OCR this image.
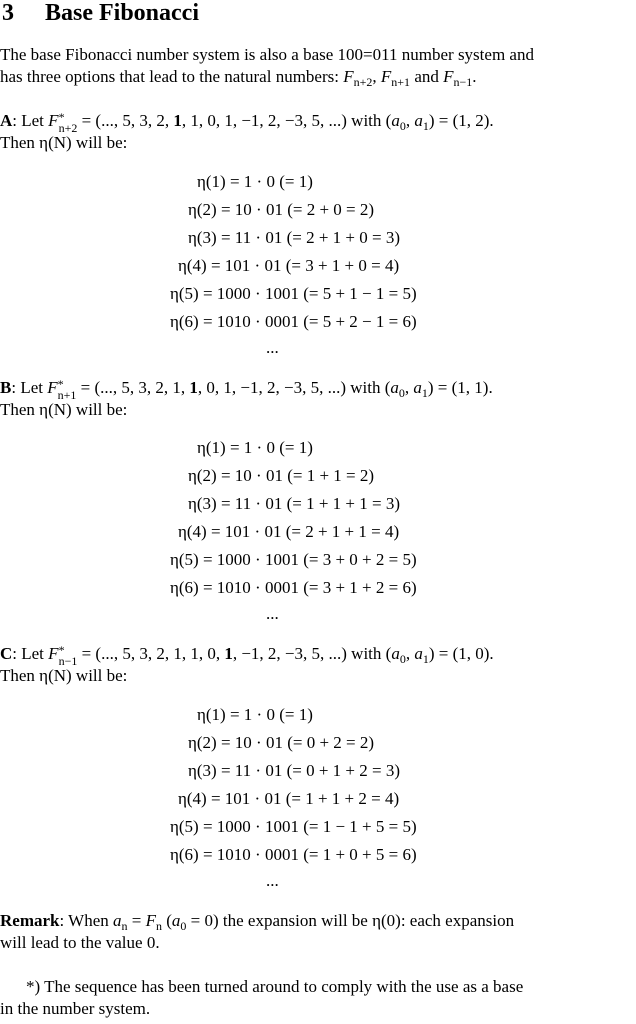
3 Base Fibonacci
The base Fibonacci number system is also a base 100=011 number system and
has three options that lead to the natural numbers: $F_{n+2}$, $F_{n+1}$ and $F_{n-1}$.
A: Let F *
n+2 = (..., 5, 3, 2, 1, 1, 0, 1, −1, 2, −3, 5, ...) with ($a_0$, $a_1) = (1$, 2).
Then η(N) will be:
η(1) = 1 · 0 (= 1)
η(2) = 10 · 01 (= 2 + 0 = 2)
η(3) = 11 · 01 (= 2 + 1 + 0 = 3)
η(4) = 101 · 01 (= 3 + 1 + 0 = 4)
η(5) = 1000 · 1001 (= 5 + 1 − 1 = 5)
η(6) = 1010 · 0001 (= 5 + 2 − 1 = 6)
...
B: Let F *
n+1 = (..., 5, 3, 2, 1, 1, 0, 1, −1, 2, −3, 5, ...) with ($a_0$, $a_1) = (1$, 1).
Then η(N) will be:
η(1) = 1 · 0 (= 1)
η(2) = 10 · 01 (= 1 + 1 = 2)
η(3) = 11 · 01 (= 1 + 1 + 1 = 3)
η(4) = 101 · 01 (= 2 + 1 + 1 = 4)
η(5) = 1000 · 1001 (= 3 + 0 + 2 = 5)
η(6) = 1010 · 0001 (= 3 + 1 + 2 = 6)
...
C: Let F *
n−1 = (..., 5, 3, 2, 1, 1, 0, 1, −1, 2, −3, 5, ...) with ($a_0$, $a_1) = (1$, 0).
Then η(N) will be:
η(1) = 1 · 0 (= 1)
η(2) = 10 · 01 (= 0 + 2 = 2)
η(3) = 11 · 01 (= 0 + 1 + 2 = 3)
η(4) = 101 · 01 (= 1 + 1 + 2 = 4)
η(5) = 1000 · 1001 (= 1 − 1 + 5 = 5)
η(6) = 1010 · 0001 (= 1 + 0 + 5 = 6)
...
Remark: When $a_n = F_n$ $(a_0 = 0)$ the expansion will be η(0): each expansion
will lead to the value 0.
*) The sequence has been turned around to comply with the use as a base
in the number system.
